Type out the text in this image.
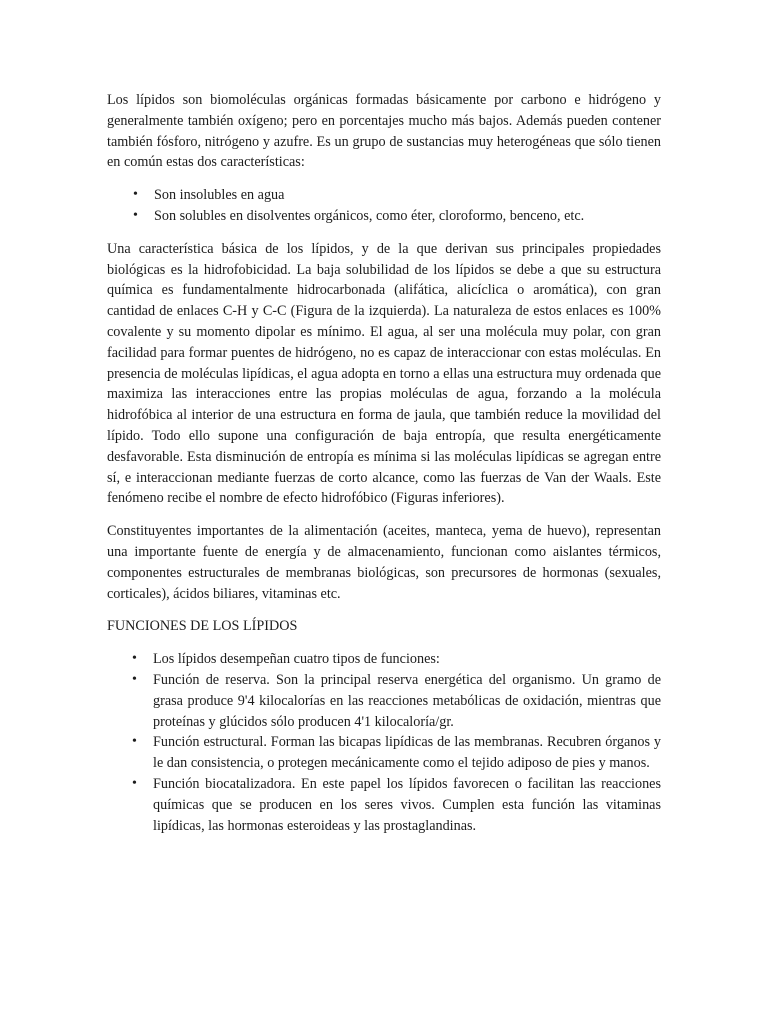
Los lípidos son biomoléculas orgánicas formadas básicamente por carbono e hidrógeno y generalmente también oxígeno; pero en porcentajes mucho más bajos. Además pueden contener también fósforo, nitrógeno y azufre. Es un grupo de sustancias muy heterogéneas que sólo tienen en común estas dos características:

• Son insolubles en agua
• Son solubles en disolventes orgánicos, como éter, cloroformo, benceno, etc.

Una característica básica de los lípidos, y de la que derivan sus principales propiedades biológicas es la hidrofobicidad. La baja solubilidad de los lípidos se debe a que su estructura química es fundamentalmente hidrocarbonada (alifática, alicíclica o aromática), con gran cantidad de enlaces C-H y C-C (Figura de la izquierda). La naturaleza de estos enlaces es 100% covalente y su momento dipolar es mínimo. El agua, al ser una molécula muy polar, con gran facilidad para formar puentes de hidrógeno, no es capaz de interaccionar con estas moléculas. En presencia de moléculas lipídicas, el agua adopta en torno a ellas una estructura muy ordenada que maximiza las interacciones entre las propias moléculas de agua, forzando a la molécula hidrofóbica al interior de una estructura en forma de jaula, que también reduce la movilidad del lípido. Todo ello supone una configuración de baja entropía, que resulta energéticamente desfavorable. Esta disminución de entropía es mínima si las moléculas lipídicas se agregan entre sí, e interaccionan mediante fuerzas de corto alcance, como las fuerzas de Van der Waals. Este fenómeno recibe el nombre de efecto hidrofóbico (Figuras inferiores).

Constituyentes importantes de la alimentación (aceites, manteca, yema de huevo), representan una importante fuente de energía y de almacenamiento, funcionan como aislantes térmicos, componentes estructurales de membranas biológicas, son precursores de hormonas (sexuales, corticales), ácidos biliares, vitaminas etc.

FUNCIONES DE LOS LÍPIDOS

• Los lípidos desempeñan cuatro tipos de funciones:
• Función de reserva. Son la principal reserva energética del organismo. Un gramo de grasa produce 9'4 kilocalorías en las reacciones metabólicas de oxidación, mientras que proteínas y glúcidos sólo producen 4'1 kilocaloría/gr.
• Función estructural. Forman las bicapas lipídicas de las membranas. Recubren órganos y le dan consistencia, o protegen mecánicamente como el tejido adiposo de pies y manos.
• Función biocatalizadora. En este papel los lípidos favorecen o facilitan las reacciones químicas que se producen en los seres vivos. Cumplen esta función las vitaminas lipídicas, las hormonas esteroideas y las prostaglandinas.
